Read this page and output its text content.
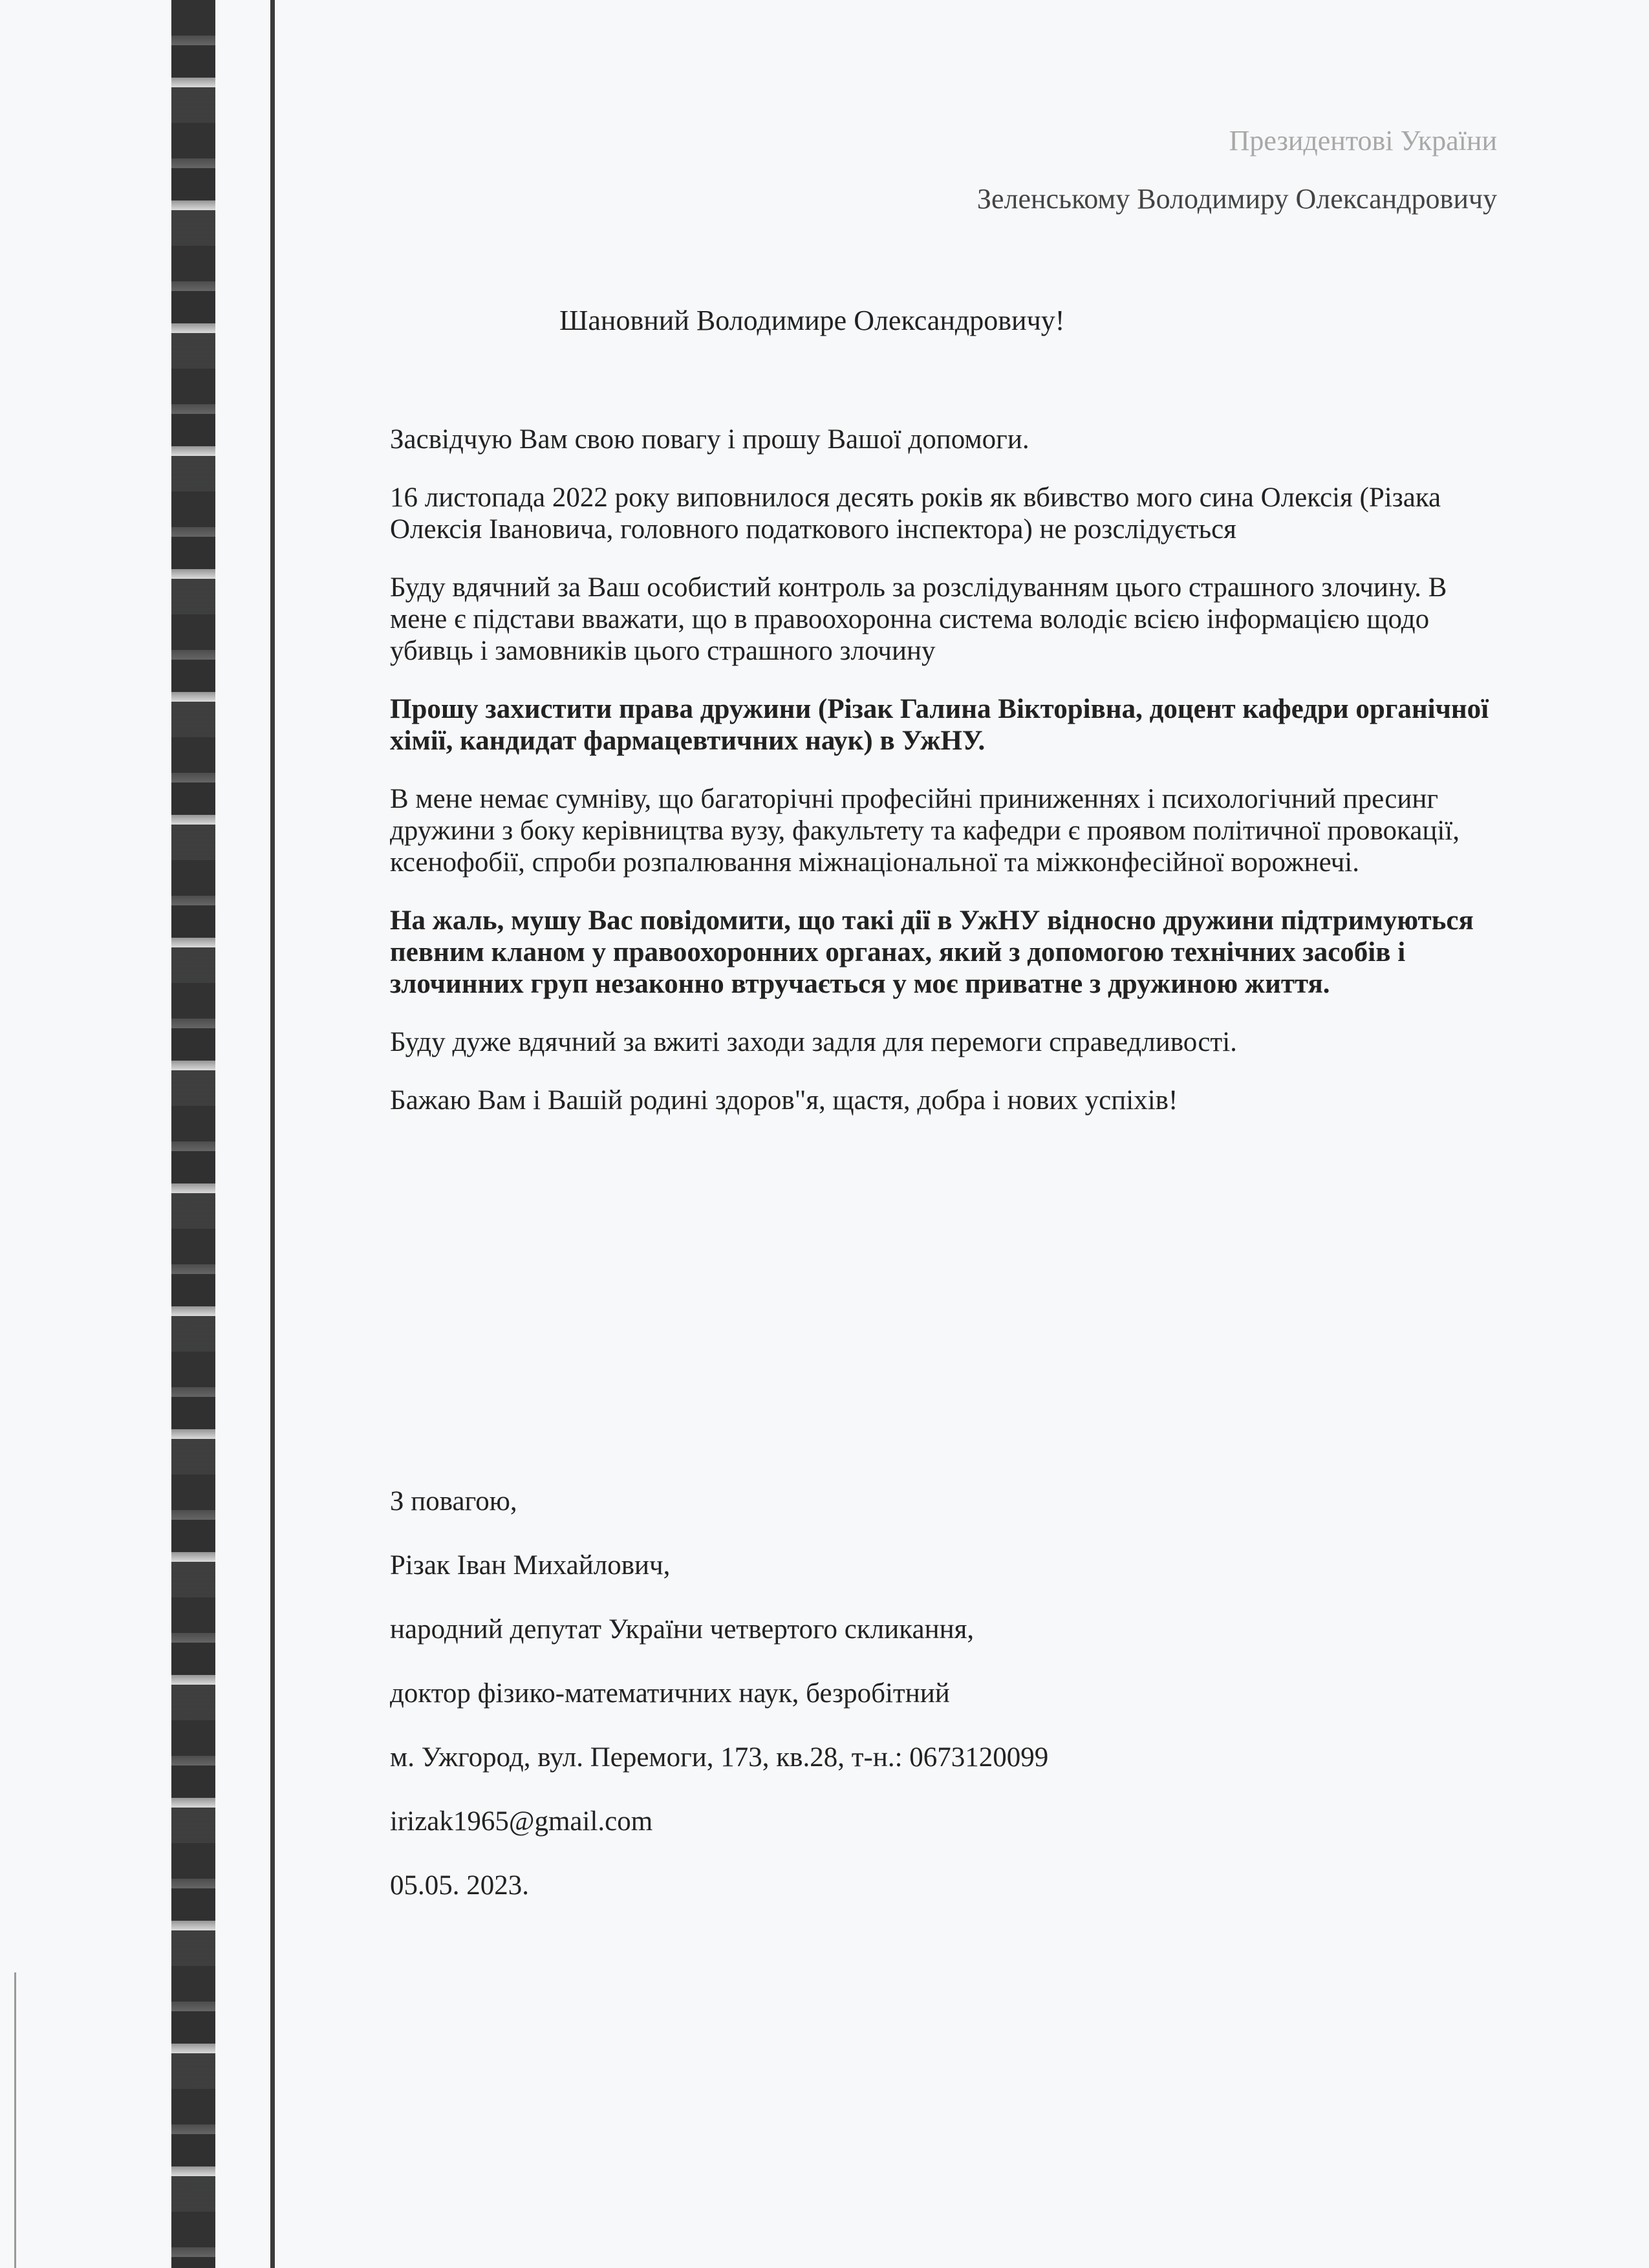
Президентові України
Зеленському Володимиру Олександровичу
Шановний Володимире Олександровичу!

Засвідчую Вам свою повагу і прошу Вашої допомоги.

16 листопада 2022 року виповнилося десять років як вбивство мого сина Олексія (Різака Олексія Івановича, головного податкового інспектора) не розслідується

Буду вдячний за Ваш особистий контроль за розслідуванням цього страшного злочину. В мене є підстави вважати, що в правоохоронна система володіє всією інформацією щодо убивць і замовників цього страшного злочину

Прошу захистити права дружини (Різак Галина Вікторівна, доцент кафедри органічної хімії, кандидат фармацевтичних наук) в УжНУ.

В мене немає сумніву, що багаторічні професійні приниженнях і психологічний пресинг дружини з боку керівництва вузу, факультету та кафедри є проявом політичної провокації, ксенофобії, спроби розпалювання міжнаціональної та міжконфесійної ворожнечі.

На жаль, мушу Вас повідомити, що такі дії в УжНУ відносно дружини підтримуються певним кланом у правоохоронних органах, який з допомогою технічних засобів і злочинних груп незаконно втручається у моє приватне з дружиною життя.

Буду дуже вдячний за вжиті заходи задля для перемоги справедливості.

Бажаю Вам і Вашій родині здоров"я, щастя, добра і нових успіхів!

З повагою,
Різак Іван Михайлович,
народний депутат України четвертого скликання,
доктор фізико-математичних наук, безробітний
м. Ужгород, вул. Перемоги, 173, кв.28, т-н.: 0673120099
irizak1965@gmail.com
05.05. 2023.
